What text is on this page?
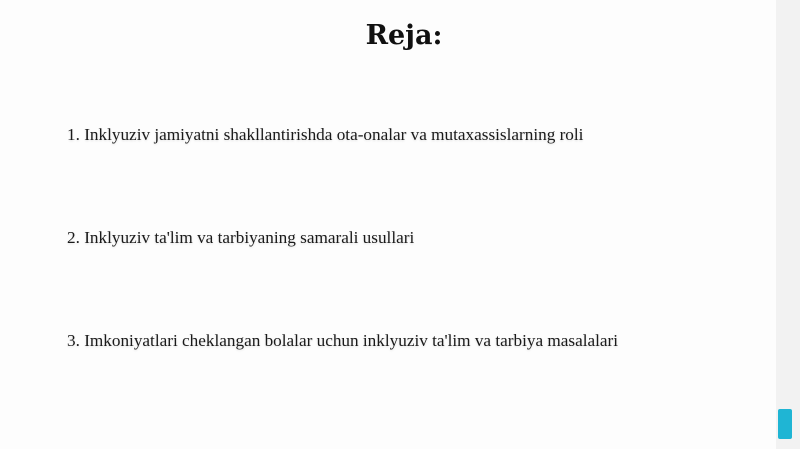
Reja:
1. Inklyuziv jamiyatni shakllantirishda ota-onalar va mutaxassislarning roli
2. Inklyuziv ta'lim va tarbiyaning samarali usullari
3. Imkoniyatlari cheklangan bolalar uchun inklyuziv ta'lim va tarbiya masalalari
